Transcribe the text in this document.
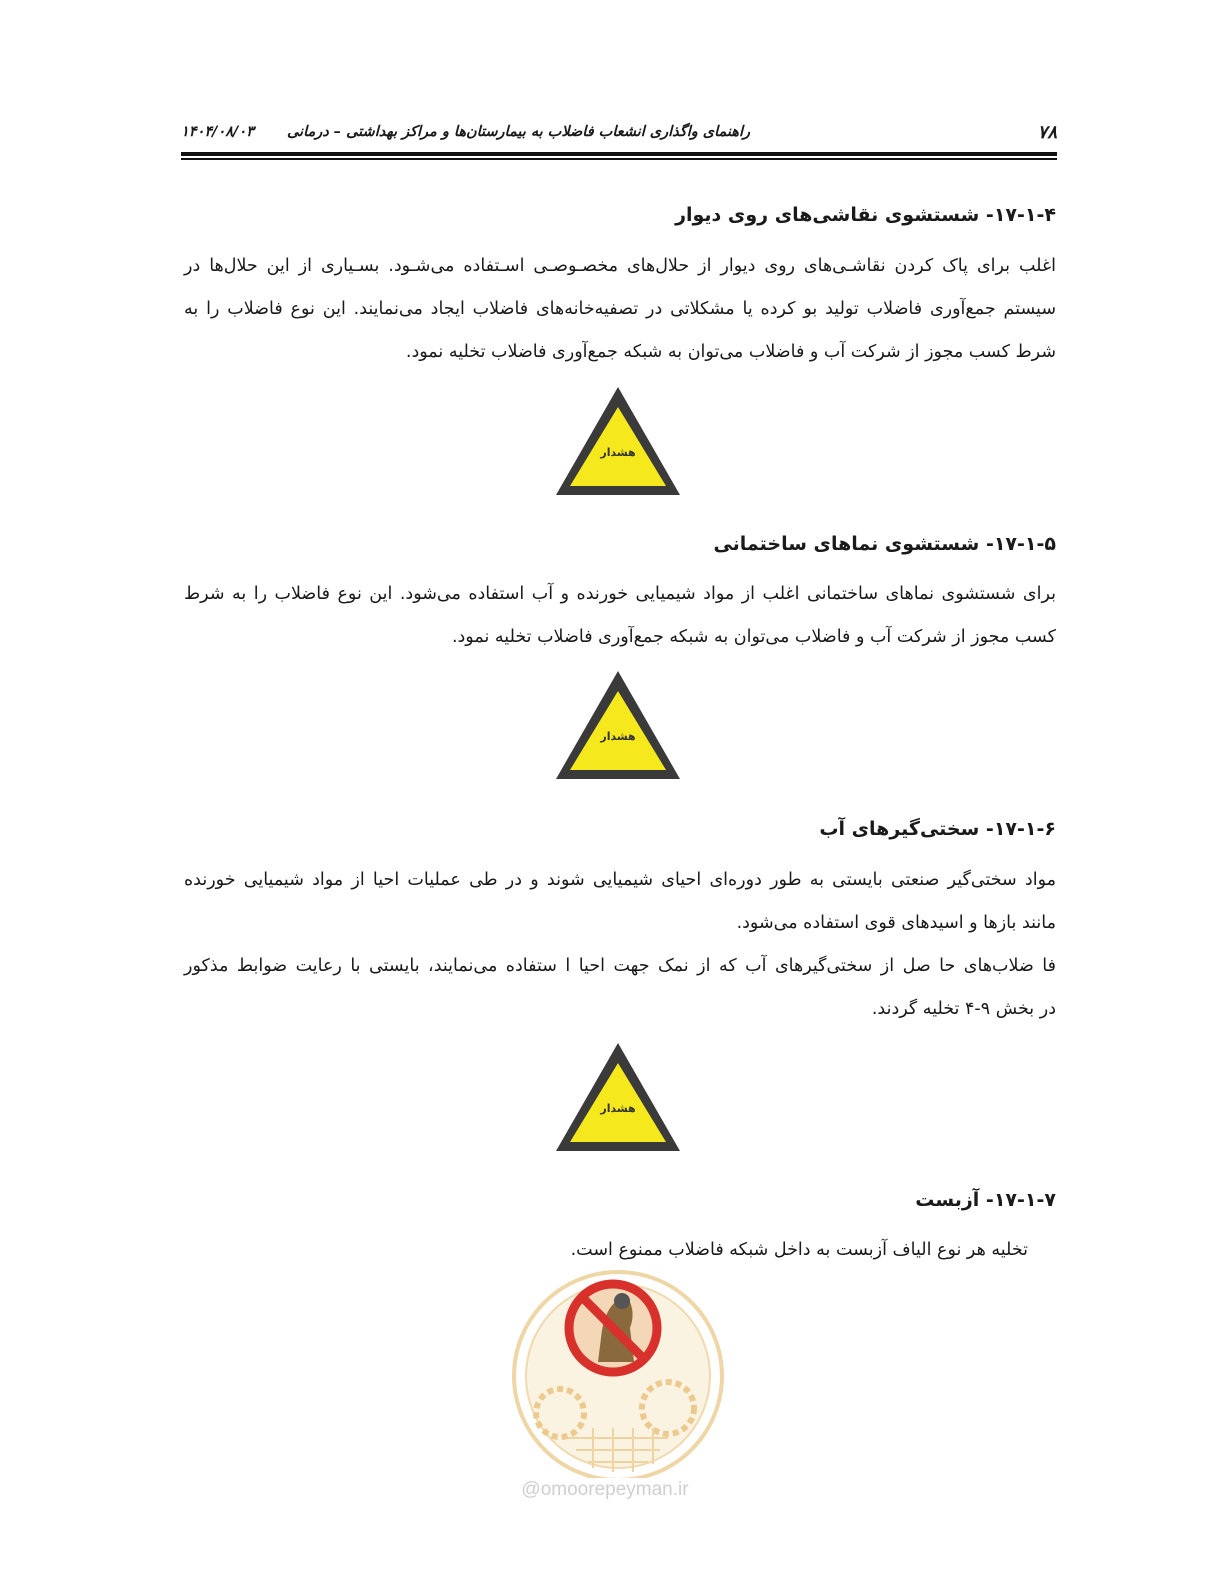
۷۸
راهنمای واگذاری انشعاب فاضلاب به بیمارستان‌ها و مراکز بهداشتی – درمانی ۱۴۰۴/۰۸/۰۳
۱۷-۱-۴- شستشوی نقاشی‌های روی دیوار
اغلب برای پاک کردن نقاشـی‌های روی دیوار از حلال‌های مخصـوصـی اسـتفاده می‌شـود. بسـیاری از این حلال‌ها در
سیستم جمع‌آوری فاضلاب تولید بو کرده یا مشکلاتی در تصفیه‌خانه‌های فاضلاب ایجاد می‌نمایند. این نوع فاضلاب را به
شرط کسب مجوز از شرکت آب و فاضلاب می‌توان به شبکه جمع‌آوری فاضلاب تخلیه نمود.
هشدار
۱۷-۱-۵- شستشوی نماهای ساختمانی
برای شستشوی نماهای ساختمانی اغلب از مواد شیمیایی خورنده و آب استفاده می‌شود. این نوع فاضلاب را به شرط
کسب مجوز از شرکت آب و فاضلاب می‌توان به شبکه جمع‌آوری فاضلاب تخلیه نمود.
هشدار
۱۷-۱-۶- سختی‌گیرهای آب
مواد سختی‌گیر صنعتی بایستی به طور دوره‌ای احیای شیمیایی شوند و در طی عملیات احیا از مواد شیمیایی خورنده
مانند بازها و اسیدهای قوی استفاده می‌شود.
فا ضلاب‌های حا صل از سختی‌گیرهای آب که از نمک جهت احیا ا ستفاده می‌نمایند، بایستی با رعایت ضوابط مذکور
در بخش ۹-۴ تخلیه گردند.
هشدار
۱۷-۱-۷- آزبست
تخلیه هر نوع الیاف آزبست به داخل شبکه فاضلاب ممنوع است.
@omoorepeyman.ir
